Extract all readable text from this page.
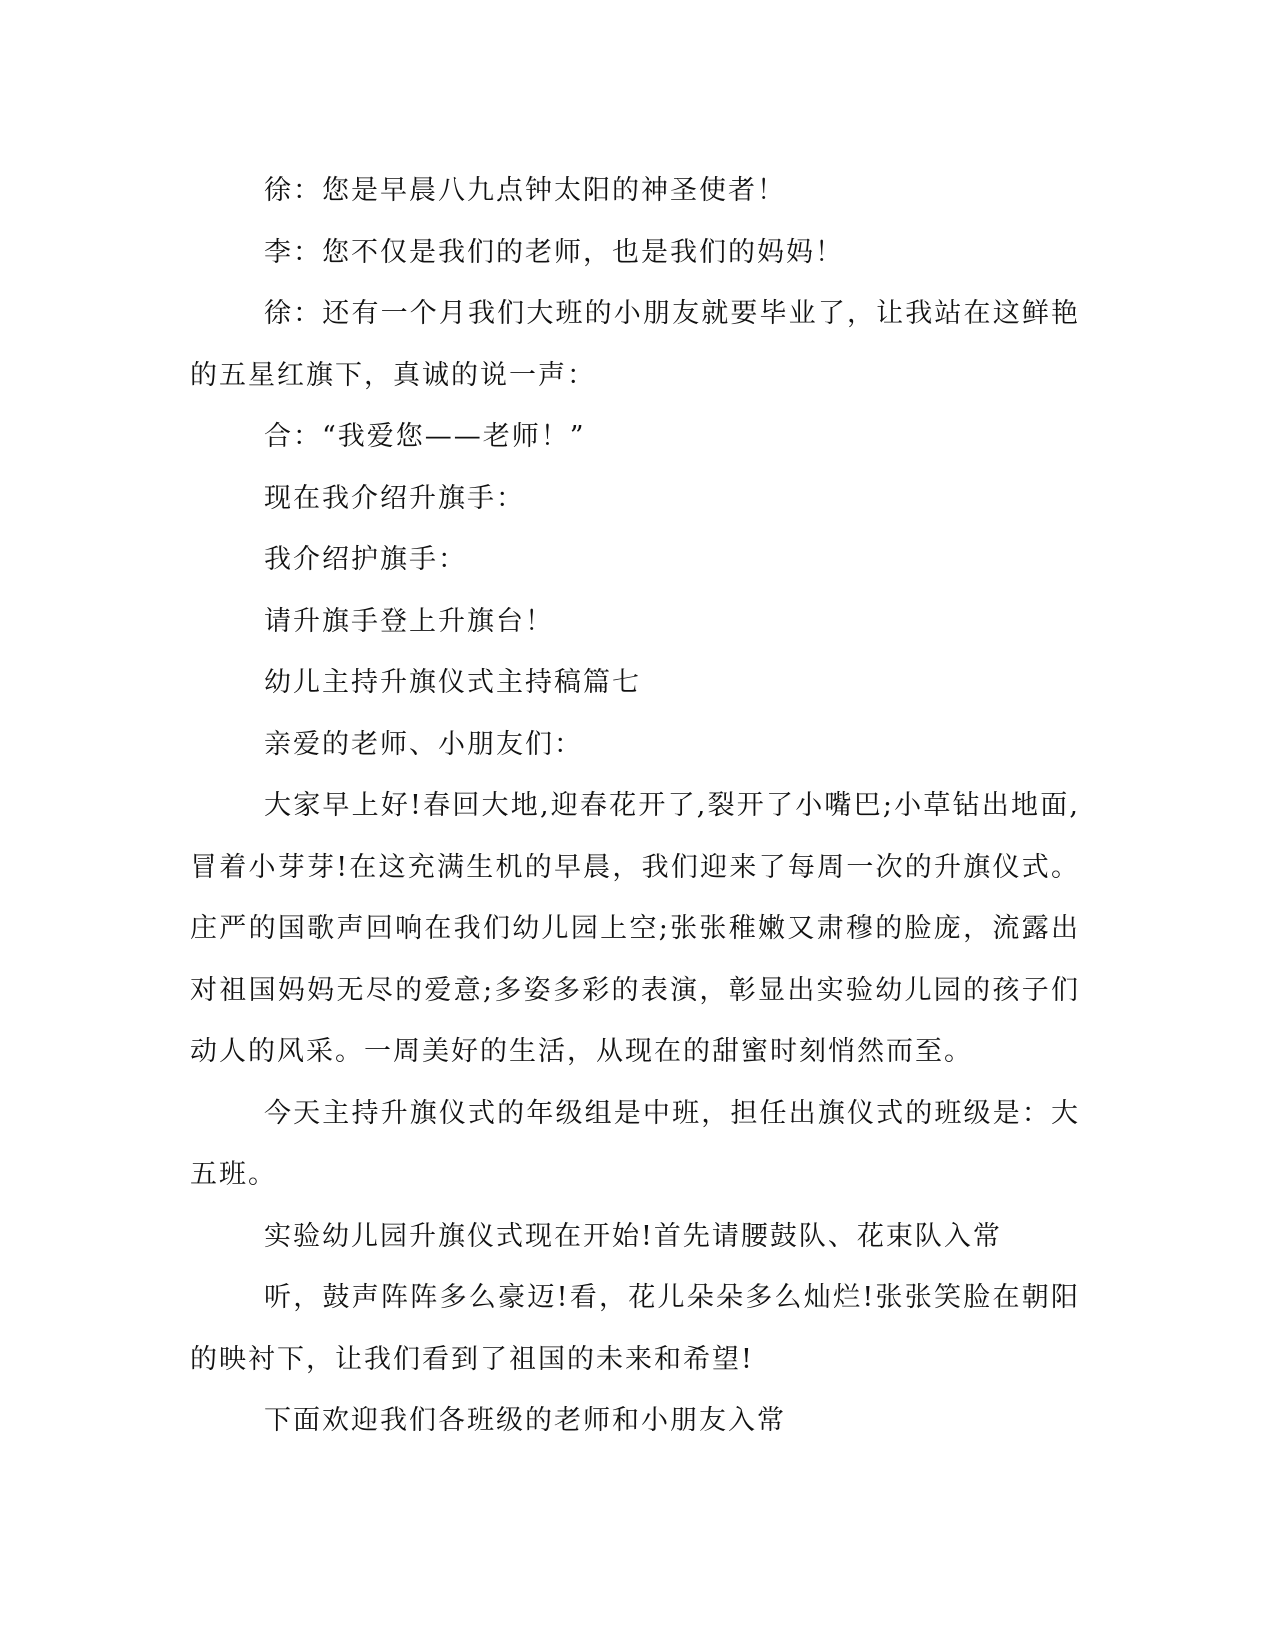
徐：您是早晨八九点钟太阳的神圣使者！

李：您不仅是我们的老师，也是我们的妈妈！

徐：还有一个月我们大班的小朋友就要毕业了，让我站在这鲜艳的五星红旗下，真诚的说一声：

合：“我爱您——老师！”

现在我介绍升旗手：

我介绍护旗手：

请升旗手登上升旗台！

幼儿主持升旗仪式主持稿篇七

亲爱的老师、小朋友们：

大家早上好!春回大地,迎春花开了,裂开了小嘴巴;小草钻出地面,冒着小芽芽!在这充满生机的早晨，我们迎来了每周一次的升旗仪式。庄严的国歌声回响在我们幼儿园上空;张张稚嫩又肃穆的脸庞，流露出对祖国妈妈无尽的爱意;多姿多彩的表演，彰显出实验幼儿园的孩子们动人的风采。一周美好的生活，从现在的甜蜜时刻悄然而至。

今天主持升旗仪式的年级组是中班，担任出旗仪式的班级是：大五班。

实验幼儿园升旗仪式现在开始!首先请腰鼓队、花束队入常

听，鼓声阵阵多么豪迈!看，花儿朵朵多么灿烂!张张笑脸在朝阳的映衬下，让我们看到了祖国的未来和希望!

下面欢迎我们各班级的老师和小朋友入常
